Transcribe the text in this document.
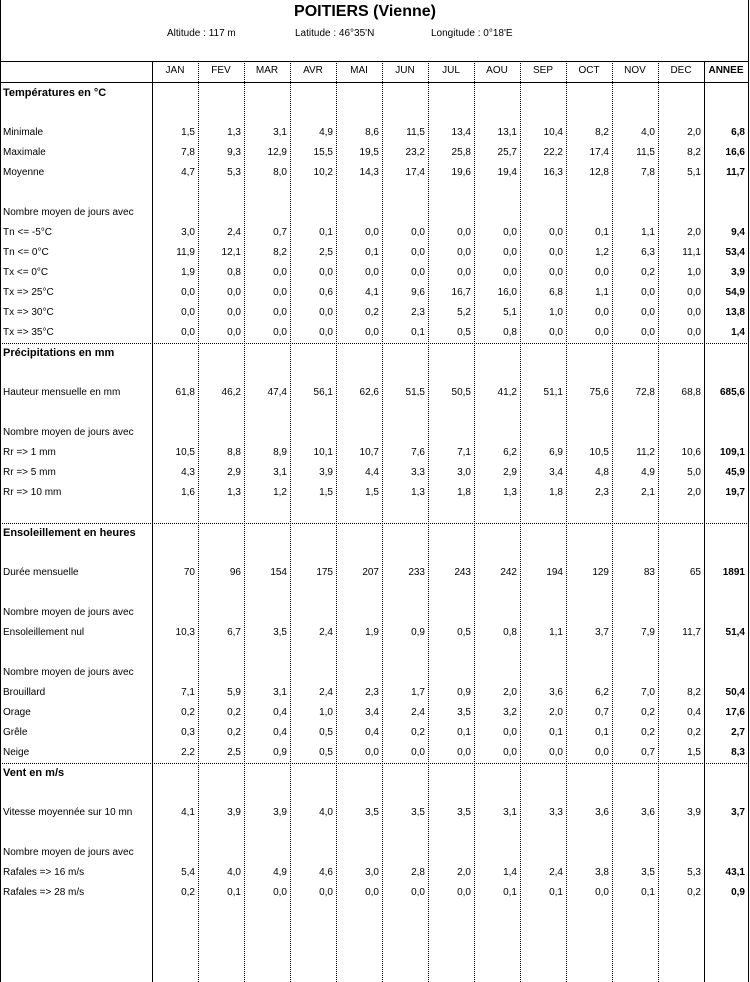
POITIERS (Vienne)
Altitude : 117 m	Latitude : 46°35'N	Longitude : 0°18'E
JAN	FEV	MAR	AVR	MAI	JUN	JUL	AOU	SEP	OCT	NOV	DEC	ANNEE
Températures en °C
Minimale	1,5	1,3	3,1	4,9	8,6	11,5	13,4	13,1	10,4	8,2	4,0	2,0	6,8
Maximale	7,8	9,3	12,9	15,5	19,5	23,2	25,8	25,7	22,2	17,4	11,5	8,2	16,6
Moyenne	4,7	5,3	8,0	10,2	14,3	17,4	19,6	19,4	16,3	12,8	7,8	5,1	11,7
Nombre moyen de jours avec
Tn <= -5°C	3,0	2,4	0,7	0,1	0,0	0,0	0,0	0,0	0,0	0,1	1,1	2,0	9,4
Tn <= 0°C	11,9	12,1	8,2	2,5	0,1	0,0	0,0	0,0	0,0	1,2	6,3	11,1	53,4
Tx <= 0°C	1,9	0,8	0,0	0,0	0,0	0,0	0,0	0,0	0,0	0,0	0,2	1,0	3,9
Tx => 25°C	0,0	0,0	0,0	0,6	4,1	9,6	16,7	16,0	6,8	1,1	0,0	0,0	54,9
Tx => 30°C	0,0	0,0	0,0	0,0	0,2	2,3	5,2	5,1	1,0	0,0	0,0	0,0	13,8
Tx => 35°C	0,0	0,0	0,0	0,0	0,0	0,1	0,5	0,8	0,0	0,0	0,0	0,0	1,4
Précipitations en mm
Hauteur mensuelle en mm	61,8	46,2	47,4	56,1	62,6	51,5	50,5	41,2	51,1	75,6	72,8	68,8	685,6
Nombre moyen de jours avec
Rr => 1 mm	10,5	8,8	8,9	10,1	10,7	7,6	7,1	6,2	6,9	10,5	11,2	10,6	109,1
Rr => 5 mm	4,3	2,9	3,1	3,9	4,4	3,3	3,0	2,9	3,4	4,8	4,9	5,0	45,9
Rr => 10 mm	1,6	1,3	1,2	1,5	1,5	1,3	1,8	1,3	1,8	2,3	2,1	2,0	19,7
Ensoleillement en heures
Durée mensuelle	70	96	154	175	207	233	243	242	194	129	83	65	1891
Nombre moyen de jours avec
Ensoleillement nul	10,3	6,7	3,5	2,4	1,9	0,9	0,5	0,8	1,1	3,7	7,9	11,7	51,4
Nombre moyen de jours avec
Brouillard	7,1	5,9	3,1	2,4	2,3	1,7	0,9	2,0	3,6	6,2	7,0	8,2	50,4
Orage	0,2	0,2	0,4	1,0	3,4	2,4	3,5	3,2	2,0	0,7	0,2	0,4	17,6
Grêle	0,3	0,2	0,4	0,5	0,4	0,2	0,1	0,0	0,1	0,1	0,2	0,2	2,7
Neige	2,2	2,5	0,9	0,5	0,0	0,0	0,0	0,0	0,0	0,0	0,7	1,5	8,3
Vent en m/s
Vitesse moyennée sur 10 mn	4,1	3,9	3,9	4,0	3,5	3,5	3,5	3,1	3,3	3,6	3,6	3,9	3,7
Nombre moyen de jours avec
Rafales => 16 m/s	5,4	4,0	4,9	4,6	3,0	2,8	2,0	1,4	2,4	3,8	3,5	5,3	43,1
Rafales => 28 m/s	0,2	0,1	0,0	0,0	0,0	0,0	0,0	0,1	0,1	0,0	0,1	0,2	0,9
